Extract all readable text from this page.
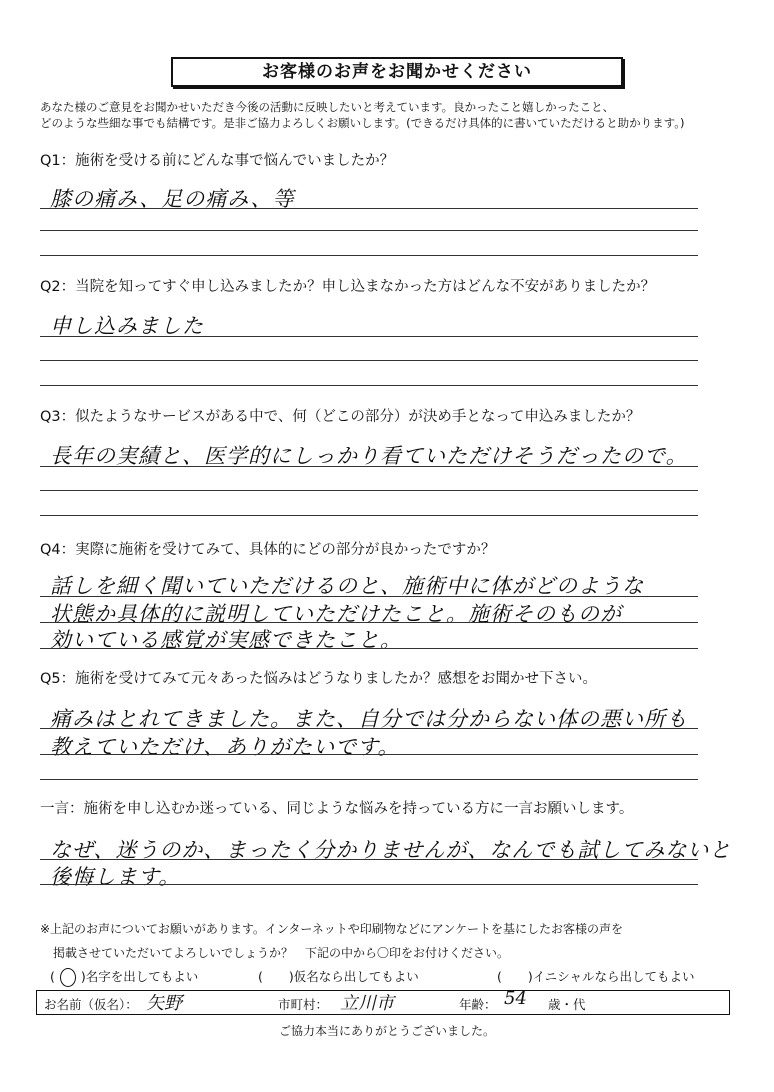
お客様のお声をお聞かせください
あなた様のご意見をお聞かせいただき今後の活動に反映したいと考えています。良かったこと嬉しかったこと、
どのような些細な事でも結構です。是非ご協力よろしくお願いします。(できるだけ具体的に書いていただけると助かります。)
Q1：施術を受ける前にどんな事で悩んでいましたか？
膝の痛み、足の痛み、等
Q2：当院を知ってすぐ申し込みましたか？申し込まなかった方はどんな不安がありましたか？
申し込みました
Q3：似たようなサービスがある中で、何（どこの部分）が決め手となって申込みましたか？
長年の実績と、医学的にしっかり看ていただけそうだったので。
Q4：実際に施術を受けてみて、具体的にどの部分が良かったですか？
話しを細く聞いていただけるのと、施術中に体がどのような
状態か具体的に説明していただけたこと。施術そのものが
効いている感覚が実感できたこと。
Q5：施術を受けてみて元々あった悩みはどうなりましたか？感想をお聞かせ下さい。
痛みはとれてきました。また、自分では分からない体の悪い所も
教えていただけ、ありがたいです。
一言：施術を申し込むか迷っている、同じような悩みを持っている方に一言お願いします。
なぜ、迷うのか、まったく分かりませんが、なんでも試してみないと
後悔します。
※上記のお声についてお願いがあります。インターネットや印刷物などにアンケートを基にしたお客様の声を
掲載させていただいてよろしいでしょうか？　下記の中から〇印をお付けください。
( )名字を出してもよい	( )仮名なら出してもよい	( )イニシャルなら出してもよい
お名前（仮名）： 矢野	市町村： 立川市	年齢： 54 歳・代
ご協力本当にありがとうございました。
